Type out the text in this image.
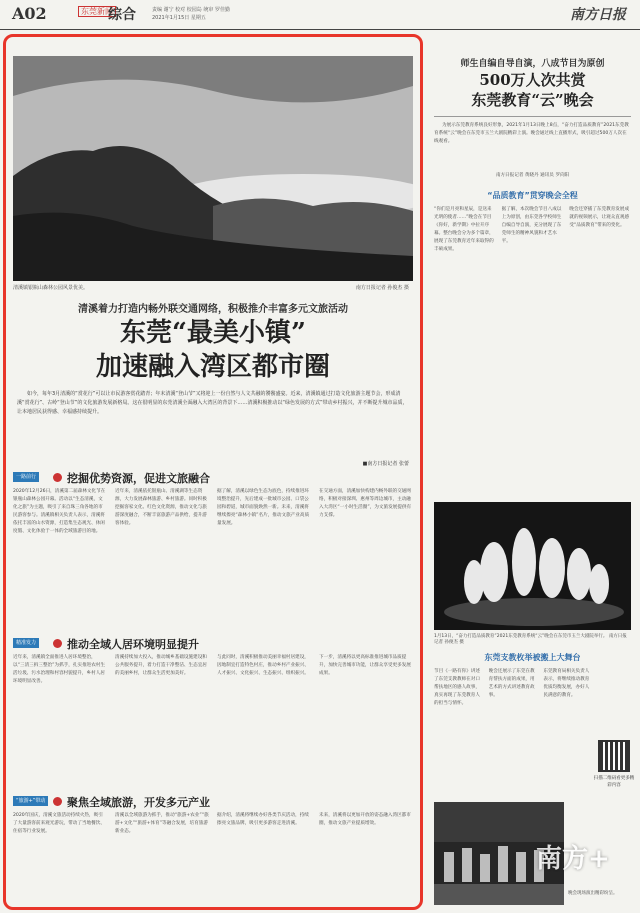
A02	东莞新闻
综合	责编 谢宁 校对 校园岛 统审 罗佳勤
2021年1月15日 星期五	南方日报
清溪镇银瓶山森林公园风景优美。	南方日报记者 孙俊杰 摄
清溪着力打造内畅外联交通网络，积极推介丰富多元文旅活动
东莞“最美小镇”
加速融入湾区都市圈
如今，每年3月清溪的“赏花行”可以让市民游客赏花踏青；年末清溪“登山节”又将迎上一份自然与人文共融的饕餮盛宴。近来，清溪镇通过打造文化旅游主题节会，形成清溪“赏花行”、古岭“登山节”的文化旅游发展新格局。这在很明显的东莞清溪全面融入大湾区的背景下……清溪积极推动以“绿色发展的方式”带动乡村振兴，并不断提升城市品质，让本地居民获得感、幸福感持续提升。
■南方日报记者 张蕾
一路前行	挖掘优势资源，促进文旅融合
2020年12月26日，清溪第二届森林文化节在银瓶山森林公园开幕。活动以“生态清溪，文化之旅”为主题，吸引了来自珠三角各地的市民游客参与。清溪镇相关负责人表示，清溪将依托丰富的山水资源，打造集生态观光、休闲度假、文化体验于一体的全域旅游目的地。
近年来，清溪依托银瓶山、清溪湖等生态资源，大力发展森林旅游、乡村旅游。同时积极挖掘客家文化、红色文化资源，推动文化与旅游深度融合，不断丰富旅游产品供给，提升游客体验。
据了解，清溪以绿色生态为底色，持续推进环境整治提升，先后建成一批城市公园、口袋公园和碧道，城市面貌焕然一新。未来，清溪将继续擦亮“森林小镇”名片，推动文旅产业高质量发展。
在交通方面，清溪加快构建内畅外联的交通网络，积极对接深圳、惠州等周边城市，主动融入大湾区“一小时生活圈”，为文旅发展提供有力支撑。
精准发力	推动全域人居环境明显提升
近年来，清溪镇全面推进人居环境整治，以“三清三拆三整治”为抓手，扎实推进农村生活垃圾、污水治理和村容村貌提升，乡村人居环境明显改善。
清溪持续加大投入，推动城乡基础设施建设和公共服务提升，着力打造干净整洁、生态宜居的美丽乡村，让群众生活更加美好。
与此同时，清溪积极推动美丽幸福村居建设，因地制宜打造特色村庄，推动乡村产业振兴、人才振兴、文化振兴、生态振兴、组织振兴。
下一步，清溪将以更高标准推进城市品质提升，加快完善城市功能，让群众享受更多发展成果。
“旅游+”带动 聚焦全域旅游，开发多元产业
2020年国庆，清溪文旅活动持续火热，吸引了大量游客前来观光游玩，带动了当地餐饮、住宿等行业发展。
清溪以全域旅游为抓手，推动“旅游+农业”“旅游+文化”“旅游+体育”等融合发展，培育旅游新业态。
据介绍，清溪将继续办好各类节庆活动，持续擦亮文旅品牌，吸引更多游客走进清溪。
未来，清溪将以更加开放的姿态融入湾区都市圈，推动文旅产业提质增效。
师生自编自导自演，八成节目为原创
500万人次共赏
东莞教育“云”晚会
为展示东莞教育系统良好形象，2021年1月13日晚上8点，“奋力打造品质教育”2021东莞教育系统“云”晚会在东莞市玉兰大剧院精彩上演。晚会通过线上直播形式，吸引超过500万人次在线观看。
南方日报记者 黄晓丹 通讯员 罗向阳
“品质教育”贯穿晚会全程
“你们是月亮和星辰，是送来光明的使者……”晚会在节目《你好，新学期》中拉开序幕。整台晚会分为多个篇章，展现了东莞教育近年来取得的丰硕成果。
据了解，本次晚会节目八成以上为原创，由东莞各学校师生自编自导自演，充分展现了东莞师生的精神风貌和才艺水平。
晚会还穿插了东莞教育发展成就的视频展示，让观众直观感受“品质教育”带来的变化。
1月13日，“奋力打造品质教育”2021东莞教育系统“云”晚会在东莞市玉兰大剧院举行。 南方日报记者 孙俊杰 摄
东莞支教枚举被搬上大舞台
节目《一路有你》讲述了东莞支教教师在对口帮扶地区的感人故事，真实再现了东莞教育人的担当与情怀。
晚会还展示了东莞在教育帮扶方面的成果，用艺术的方式讲述教育故事。
东莞教育局相关负责人表示，将继续推动教育优质均衡发展，办好人民满意的教育。
扫描二维码看更多精彩内容
晚会现场演出精彩纷呈。
南方+
